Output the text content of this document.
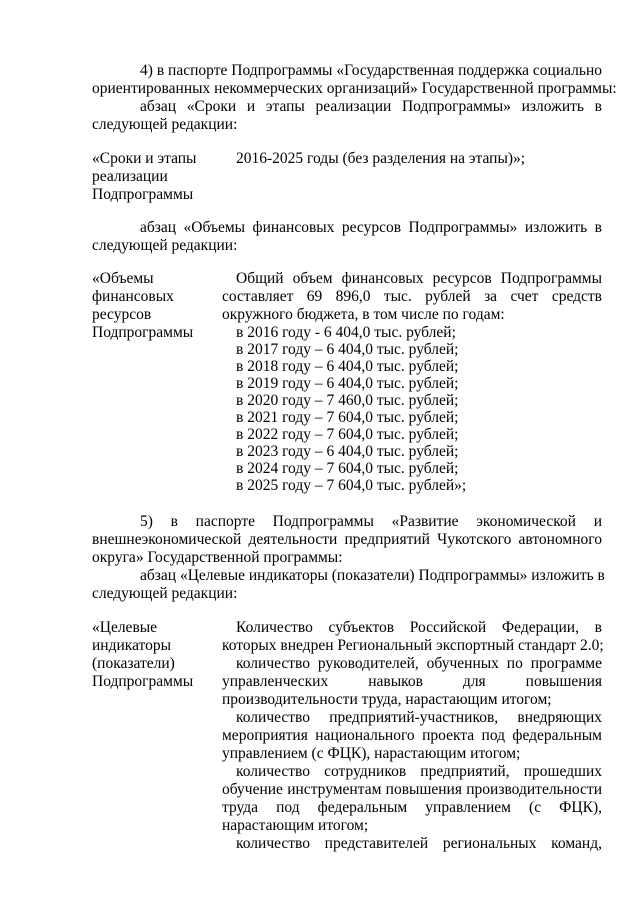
4) в паспорте Подпрограммы «Государственная поддержка социально
ориентированных некоммерческих организаций» Государственной программы:
абзац «Сроки и этапы реализации Подпрограммы» изложить в
следующей редакции:
«Сроки и этапы
реализации
Подпрограммы
2016-2025 годы (без разделения на этапы)»;
абзац «Объемы финансовых ресурсов Подпрограммы» изложить в
следующей редакции:
«Объемы
финансовых
ресурсов
Подпрограммы
Общий объем финансовых ресурсов Подпрограммы
составляет 69 896,0 тыс. рублей за счет средств
окружного бюджета, в том числе по годам:
в 2016 году - 6 404,0 тыс. рублей;
в 2017 году – 6 404,0 тыс. рублей;
в 2018 году – 6 404,0 тыс. рублей;
в 2019 году – 6 404,0 тыс. рублей;
в 2020 году – 7 460,0 тыс. рублей;
в 2021 году – 7 604,0 тыс. рублей;
в 2022 году – 7 604,0 тыс. рублей;
в 2023 году – 6 404,0 тыс. рублей;
в 2024 году – 7 604,0 тыс. рублей;
в 2025 году – 7 604,0 тыс. рублей»;
5) в паспорте Подпрограммы «Развитие экономической и
внешнеэкономической деятельности предприятий Чукотского автономного
округа» Государственной программы:
абзац «Целевые индикаторы (показатели) Подпрограммы» изложить в
следующей редакции:
«Целевые
индикаторы
(показатели)
Подпрограммы
Количество субъектов Российской Федерации, в
которых внедрен Региональный экспортный стандарт 2.0;
количество руководителей, обученных по программе
управленческих навыков для повышения
производительности труда, нарастающим итогом;
количество предприятий-участников, внедряющих
мероприятия национального проекта под федеральным
управлением (с ФЦК), нарастающим итогом;
количество сотрудников предприятий, прошедших
обучение инструментам повышения производительности
труда под федеральным управлением (с ФЦК),
нарастающим итогом;
количество представителей региональных команд,
